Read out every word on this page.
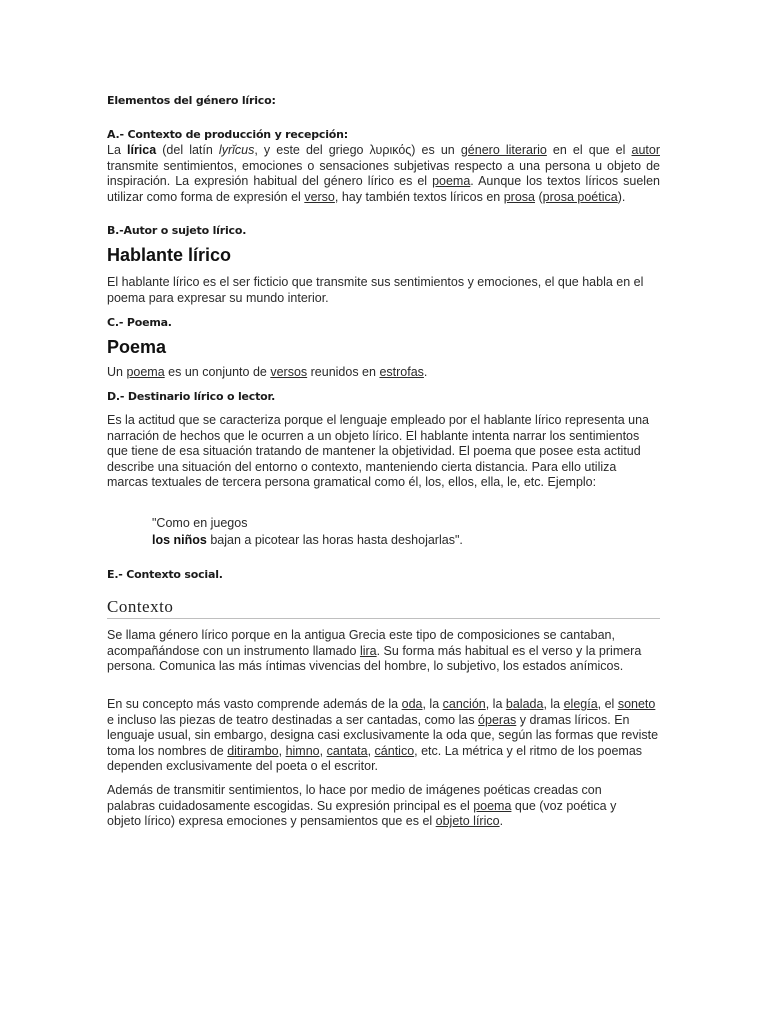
Elementos del género lírico:
A.- Contexto de producción y recepción:
La lírica (del latín lyrĭcus, y este del griego λυρικός) es un género literario en el que el autor transmite sentimientos, emociones o sensaciones subjetivas respecto a una persona u objeto de inspiración. La expresión habitual del género lírico es el poema. Aunque los textos líricos suelen utilizar como forma de expresión el verso, hay también textos líricos en prosa (prosa poética).
B.-Autor o sujeto lírico.
Hablante lírico
El hablante lírico es el ser ficticio que transmite sus sentimientos y emociones, el que habla en el poema para expresar su mundo interior.
C.- Poema.
Poema
Un poema es un conjunto de versos reunidos en estrofas.
D.- Destinario lírico o lector.
Es la actitud que se caracteriza porque el lenguaje empleado por el hablante lírico representa una narración de hechos que le ocurren a un objeto lírico. El hablante intenta narrar los sentimientos que tiene de esa situación tratando de mantener la objetividad. El poema que posee esta actitud describe una situación del entorno o contexto, manteniendo cierta distancia. Para ello utiliza marcas textuales de tercera persona gramatical como él, los, ellos, ella, le, etc. Ejemplo:
"Como en juegos
los niños bajan a picotear las horas hasta deshojarlas".
E.- Contexto social.
Contexto
Se llama género lírico porque en la antigua Grecia este tipo de composiciones se cantaban, acompañándose con un instrumento llamado lira. Su forma más habitual es el verso y la primera persona. Comunica las más íntimas vivencias del hombre, lo subjetivo, los estados anímicos.
En su concepto más vasto comprende además de la oda, la canción, la balada, la elegía, el soneto e incluso las piezas de teatro destinadas a ser cantadas, como las óperas y dramas líricos. En lenguaje usual, sin embargo, designa casi exclusivamente la oda que, según las formas que reviste toma los nombres de ditirambo, himno, cantata, cántico, etc. La métrica y el ritmo de los poemas dependen exclusivamente del poeta o el escritor.
Además de transmitir sentimientos, lo hace por medio de imágenes poéticas creadas con palabras cuidadosamente escogidas. Su expresión principal es el poema que (voz poética y objeto lírico) expresa emociones y pensamientos que es el objeto lírico.
